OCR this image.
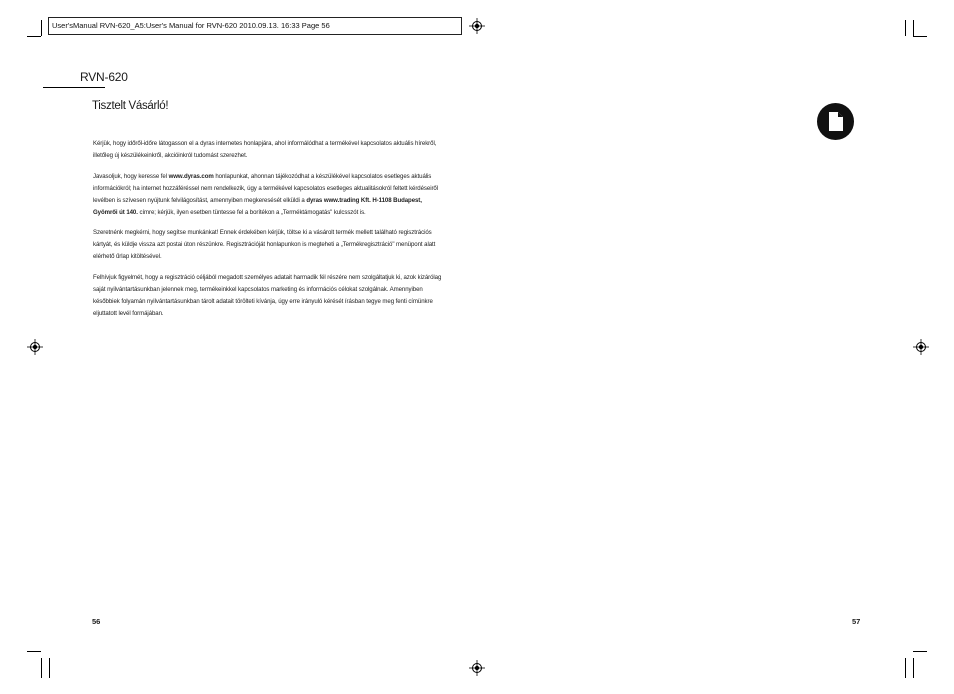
User'sManual RVN-620_A5:User's Manual for RVN-620 2010.09.13. 16:33 Page 56
RVN-620
Tisztelt Vásárló!

Kérjük, hogy időről-időre látogasson el a dyras internetes honlapjára, ahol informálódhat a termékével kapcsolatos aktuális hírekről, illetőleg új készülékeinkről, akcióinkról tudomást szerezhet.

Javasoljuk, hogy keresse fel www.dyras.com honlapunkat, ahonnan tájékozódhat a készülékével kapcsolatos esetleges aktuális információkról; ha internet hozzáféréssel nem rendelkezik, úgy a termékével kapcsolatos esetleges aktualitásokról feltett kérdéseiről levélben is szívesen nyújtunk felvilágosítást, amennyiben megkeresését elküldi a dyras www.trading Kft. H-1108 Budapest, Gyömrői út 140. címre; kérjük, ilyen esetben tüntesse fel a borítékon a „Terméktámogatás" kulcsszót is.

Szeretnénk megkérni, hogy segítse munkánkat! Ennek érdekében kérjük, töltse ki a vásárolt termék mellett található regisztrációs kártyát, és küldje vissza azt postai úton részünkre. Regisztrációját honlapunkon is megteheti a „Termékregisztráció" menüpont alatt elérhető űrlap kitöltésével.

Felhívjuk figyelmét, hogy a regisztráció céljából megadott személyes adatait harmadik fél részére nem szolgáltatjuk ki, azok kizárólag saját nyilvántartásunkban jelennek meg, termékeinkkel kapcsolatos marketing és információs célokat szolgálnak. Amennyiben későbbiek folyamán nyilvántartásunkban tárolt adatait törölteti kívánja, úgy erre irányuló kérését írásban tegye meg fenti címünkre eljuttatott levél formájában.

56	57
